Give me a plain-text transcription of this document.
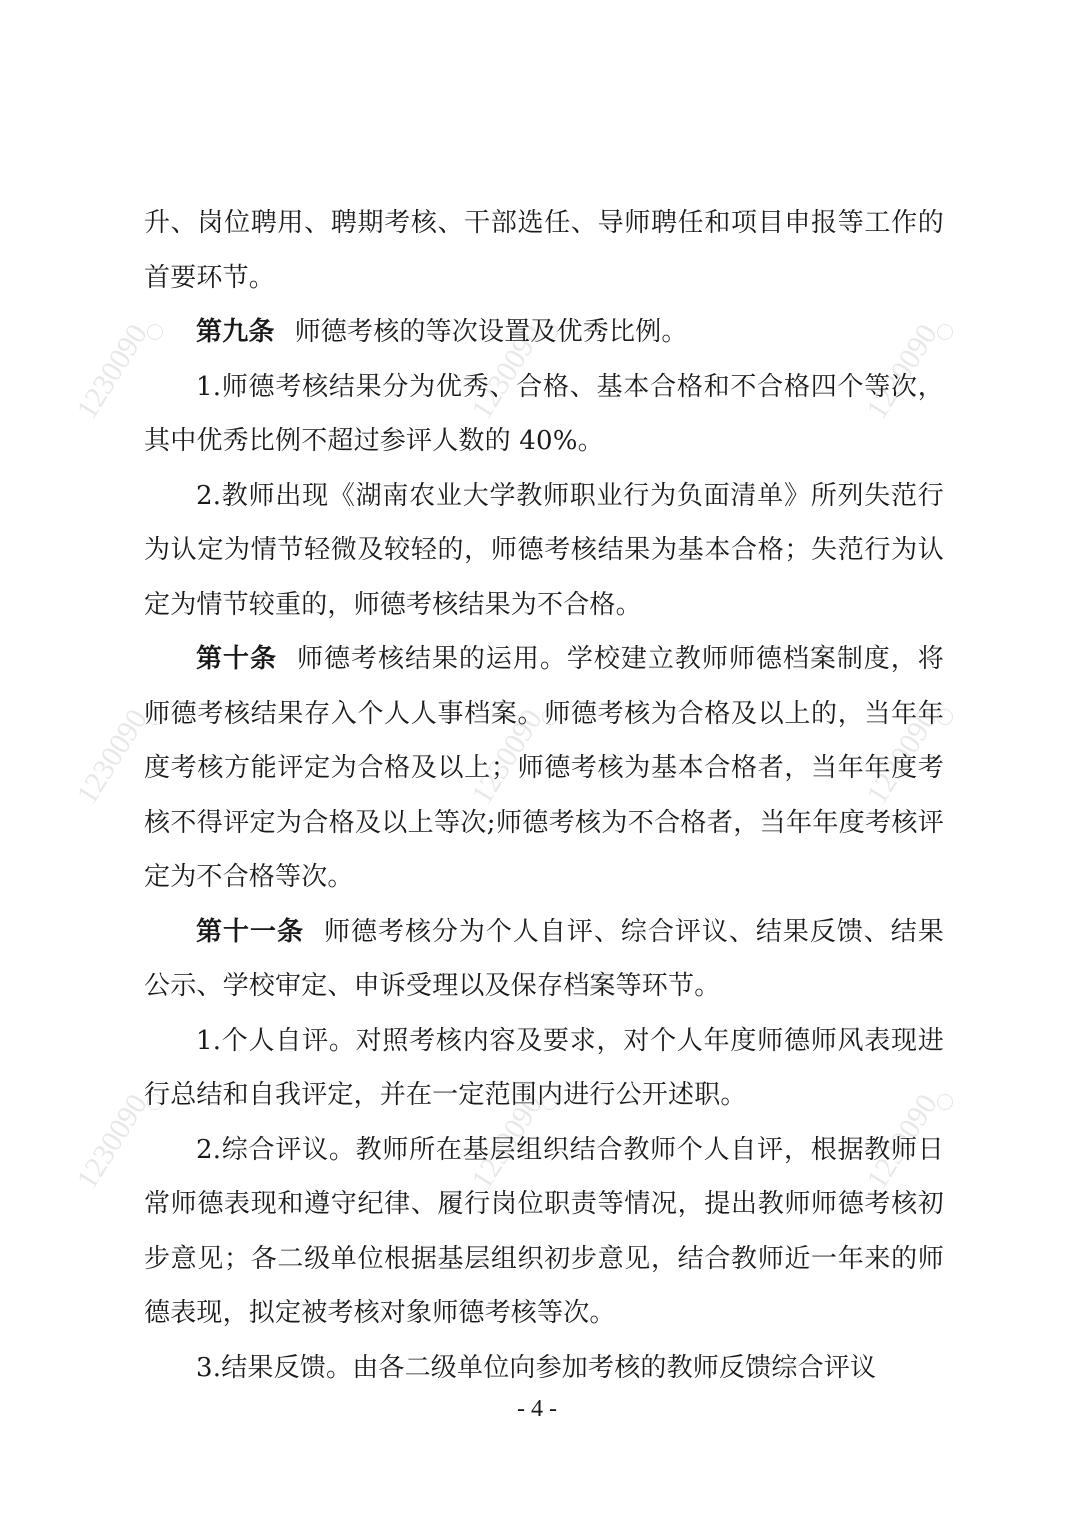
1230090	1230090	1230090
1230090	1230090	1230090
1230090	1230090	1230090

升、岗位聘用、聘期考核、干部选任、导师聘任和项目申报等工作的首要环节。

第九条 师德考核的等次设置及优秀比例。

1.师德考核结果分为优秀、合格、基本合格和不合格四个等次，其中优秀比例不超过参评人数的 40%。

2.教师出现《湖南农业大学教师职业行为负面清单》所列失范行为认定为情节轻微及较轻的，师德考核结果为基本合格；失范行为认定为情节较重的，师德考核结果为不合格。

第十条 师德考核结果的运用。学校建立教师师德档案制度，将师德考核结果存入个人人事档案。师德考核为合格及以上的，当年年度考核方能评定为合格及以上；师德考核为基本合格者，当年年度考核不得评定为合格及以上等次;师德考核为不合格者，当年年度考核评定为不合格等次。

第十一条 师德考核分为个人自评、综合评议、结果反馈、结果公示、学校审定、申诉受理以及保存档案等环节。

1.个人自评。对照考核内容及要求，对个人年度师德师风表现进行总结和自我评定，并在一定范围内进行公开述职。

2.综合评议。教师所在基层组织结合教师个人自评，根据教师日常师德表现和遵守纪律、履行岗位职责等情况，提出教师师德考核初步意见；各二级单位根据基层组织初步意见，结合教师近一年来的师德表现，拟定被考核对象师德考核等次。

3.结果反馈。由各二级单位向参加考核的教师反馈综合评议

- 4 -
